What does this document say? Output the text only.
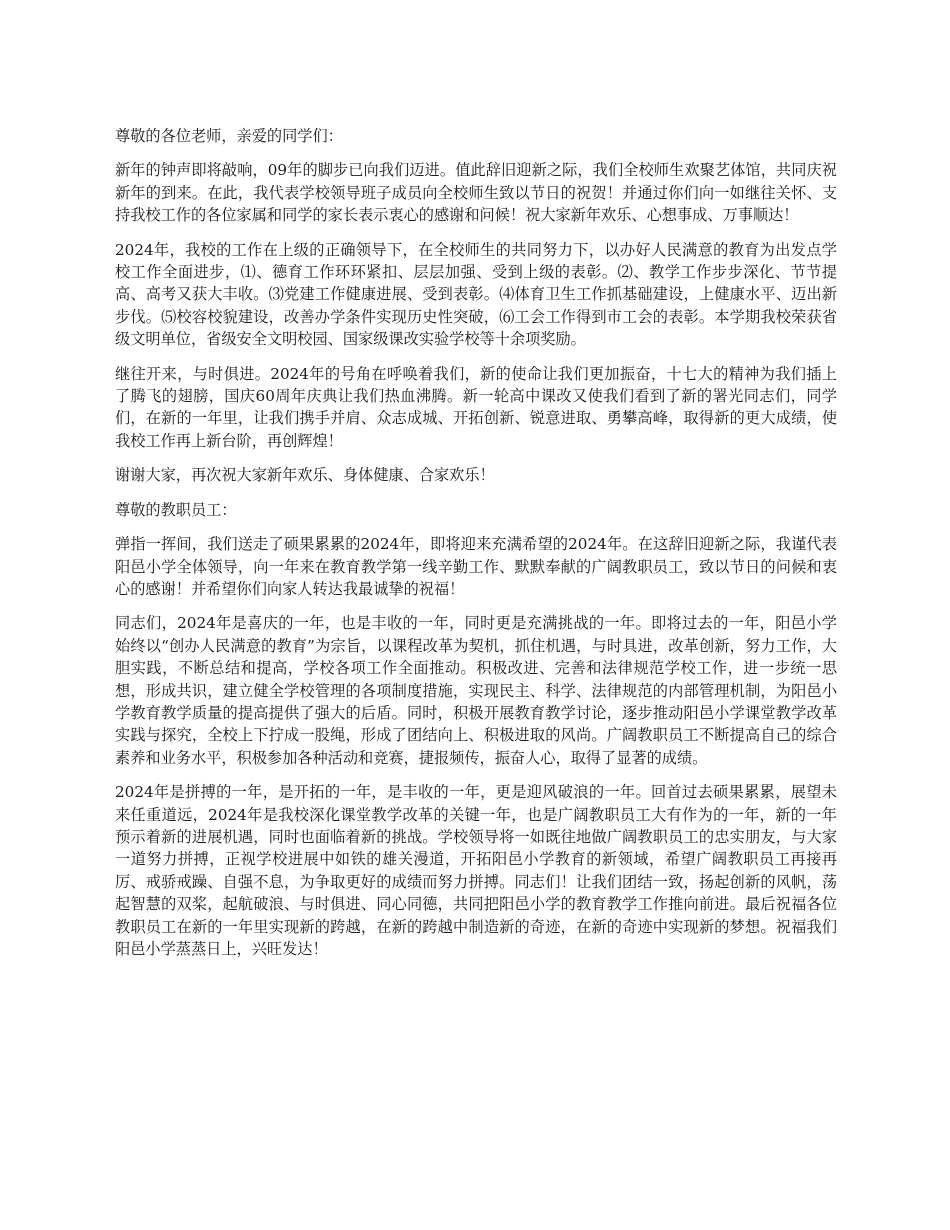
尊敬的各位老师，亲爱的同学们：

新年的钟声即将敲响，09年的脚步已向我们迈进。值此辞旧迎新之际，我们全校师生欢聚艺体馆，共同庆祝新年的到来。在此，我代表学校领导班子成员向全校师生致以节日的祝贺！并通过你们向一如继往关怀、支持我校工作的各位家属和同学的家长表示衷心的感谢和问候！祝大家新年欢乐、心想事成、万事顺达！

2024年，我校的工作在上级的正确领导下，在全校师生的共同努力下，以办好人民满意的教育为出发点学校工作全面进步，⑴、德育工作环环紧扣、层层加强、受到上级的表彰。⑵、教学工作步步深化、节节提高、高考又获大丰收。⑶党建工作健康进展、受到表彰。⑷体育卫生工作抓基础建设，上健康水平、迈出新步伐。⑸校容校貌建设，改善办学条件实现历史性突破，⑹工会工作得到市工会的表彰。本学期我校荣获省级文明单位，省级安全文明校园、国家级课改实验学校等十余项奖励。

继往开来，与时俱进。2024年的号角在呼唤着我们，新的使命让我们更加振奋，十七大的精神为我们插上了腾飞的翅膀，国庆60周年庆典让我们热血沸腾。新一轮高中课改又使我们看到了新的署光同志们，同学们，在新的一年里，让我们携手并肩、众志成城、开拓创新、锐意进取、勇攀高峰，取得新的更大成绩，使我校工作再上新台阶，再创辉煌！

谢谢大家，再次祝大家新年欢乐、身体健康、合家欢乐！

尊敬的教职员工：

弹指一挥间，我们送走了硕果累累的2024年，即将迎来充满希望的2024年。在这辞旧迎新之际，我谨代表阳邑小学全体领导，向一年来在教育教学第一线辛勤工作、默默奉献的广阔教职员工，致以节日的问候和衷心的感谢！并希望你们向家人转达我最诚挚的祝福！

同志们，2024年是喜庆的一年，也是丰收的一年，同时更是充满挑战的一年。即将过去的一年，阳邑小学始终以“创办人民满意的教育”为宗旨，以课程改革为契机，抓住机遇，与时具进，改革创新，努力工作，大胆实践，不断总结和提高，学校各项工作全面推动。积极改进、完善和法律规范学校工作，进一步统一思想，形成共识，建立健全学校管理的各项制度措施，实现民主、科学、法律规范的内部管理机制，为阳邑小学教育教学质量的提高提供了强大的后盾。同时，积极开展教育教学讨论，逐步推动阳邑小学课堂教学改革实践与探究，全校上下拧成一股绳，形成了团结向上、积极进取的风尚。广阔教职员工不断提高自己的综合素养和业务水平，积极参加各种活动和竞赛，捷报频传，振奋人心，取得了显著的成绩。

2024年是拼搏的一年，是开拓的一年，是丰收的一年，更是迎风破浪的一年。回首过去硕果累累，展望未来任重道远，2024年是我校深化课堂教学改革的关键一年，也是广阔教职员工大有作为的一年，新的一年预示着新的进展机遇，同时也面临着新的挑战。学校领导将一如既往地做广阔教职员工的忠实朋友，与大家一道努力拼搏，正视学校进展中如铁的雄关漫道，开拓阳邑小学教育的新领域，希望广阔教职员工再接再厉、戒骄戒躁、自强不息，为争取更好的成绩而努力拼搏。同志们！让我们团结一致，扬起创新的风帆，荡起智慧的双桨，起航破浪、与时俱进、同心同德，共同把阳邑小学的教育教学工作推向前进。最后祝福各位教职员工在新的一年里实现新的跨越，在新的跨越中制造新的奇迹，在新的奇迹中实现新的梦想。祝福我们阳邑小学蒸蒸日上，兴旺发达！
